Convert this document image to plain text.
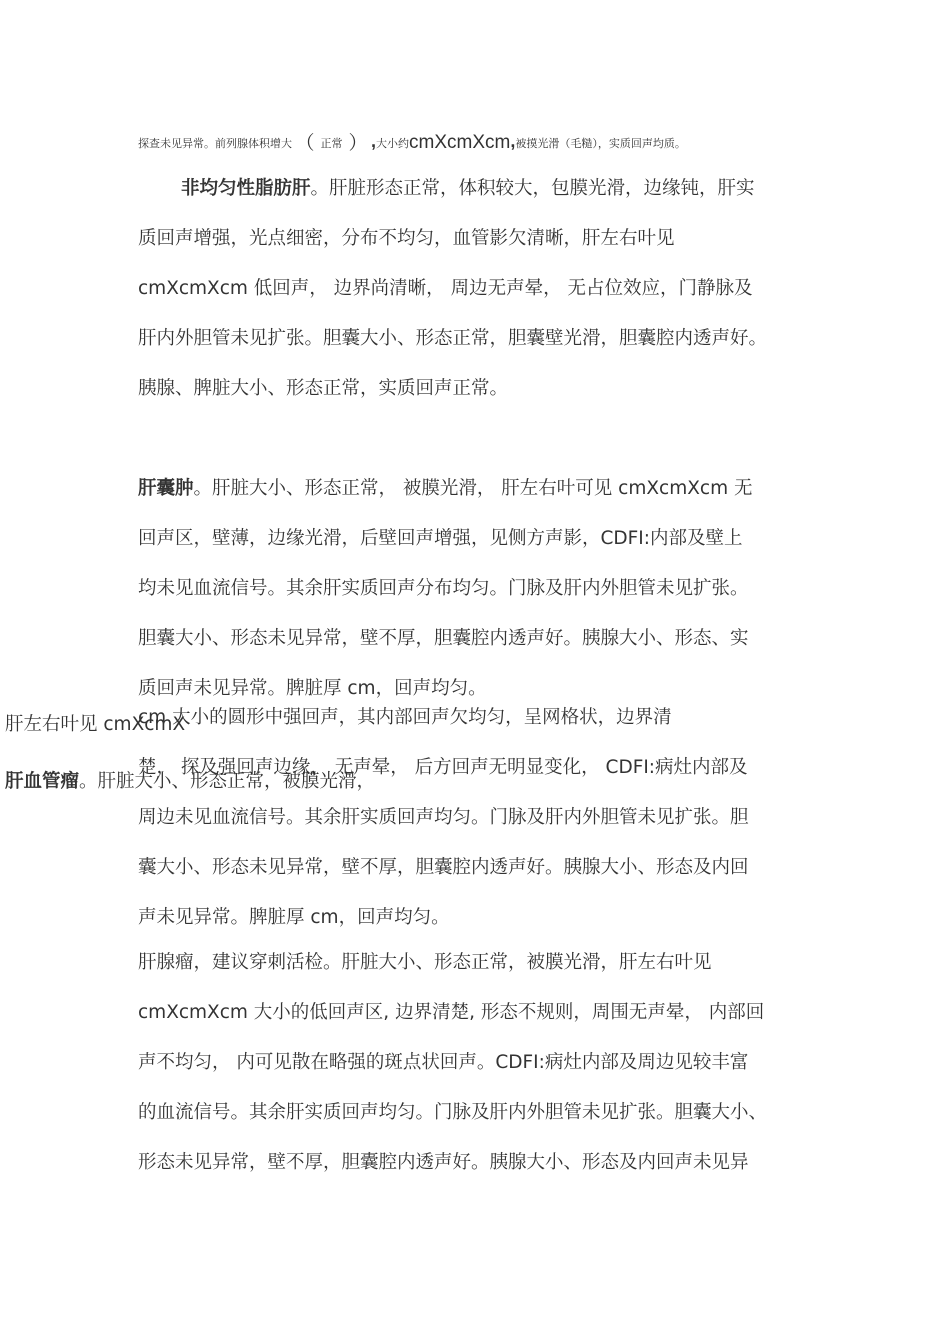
探查未见异常。前列腺体积增大 （ 正常 ） ,大小约cmXcmXcm,被摸光滑（毛糙），实质回声均质。
非均匀性脂肪肝。肝脏形态正常，体积较大，包膜光滑，边缘钝，肝实
质回声增强，光点细密，分布不均匀，血管影欠清晰，肝左右叶见
cmXcmXcm 低回声， 边界尚清晰， 周边无声晕， 无占位效应，门静脉及
肝内外胆管未见扩张。胆囊大小、形态正常，胆囊壁光滑，胆囊腔内透声好。
胰腺、脾脏大小、形态正常，实质回声正常。
肝囊肿。肝脏大小、形态正常， 被膜光滑， 肝左右叶可见 cmXcmXcm 无
回声区，壁薄，边缘光滑，后壁回声增强，见侧方声影，CDFI:内部及壁上
均未见血流信号。其余肝实质回声分布均匀。门脉及肝内外胆管未见扩张。
胆囊大小、形态未见异常，壁不厚，胆囊腔内透声好。胰腺大小、形态、实
质回声未见异常。脾脏厚 cm，回声均匀。
cm 大小的圆形中强回声，其内部回声欠均匀，呈网格状，边界清
楚， 探及强回声边缘， 无声晕， 后方回声无明显变化， CDFI:病灶内部及
周边未见血流信号。其余肝实质回声均匀。门脉及肝内外胆管未见扩张。胆
囊大小、形态未见异常，壁不厚，胆囊腔内透声好。胰腺大小、形态及内回
声未见异常。脾脏厚 cm，回声均匀。
肝左右叶见 cmXcmX
肝血管瘤。肝脏大小、形态正常，被膜光滑，
肝腺瘤，建议穿刺活检。肝脏大小、形态正常，被膜光滑，肝左右叶见
cmXcmXcm 大小的低回声区, 边界清楚, 形态不规则，周围无声晕， 内部回
声不均匀， 内可见散在略强的斑点状回声。CDFI:病灶内部及周边见较丰富
的血流信号。其余肝实质回声均匀。门脉及肝内外胆管未见扩张。胆囊大小、
形态未见异常，壁不厚，胆囊腔内透声好。胰腺大小、形态及内回声未见异
